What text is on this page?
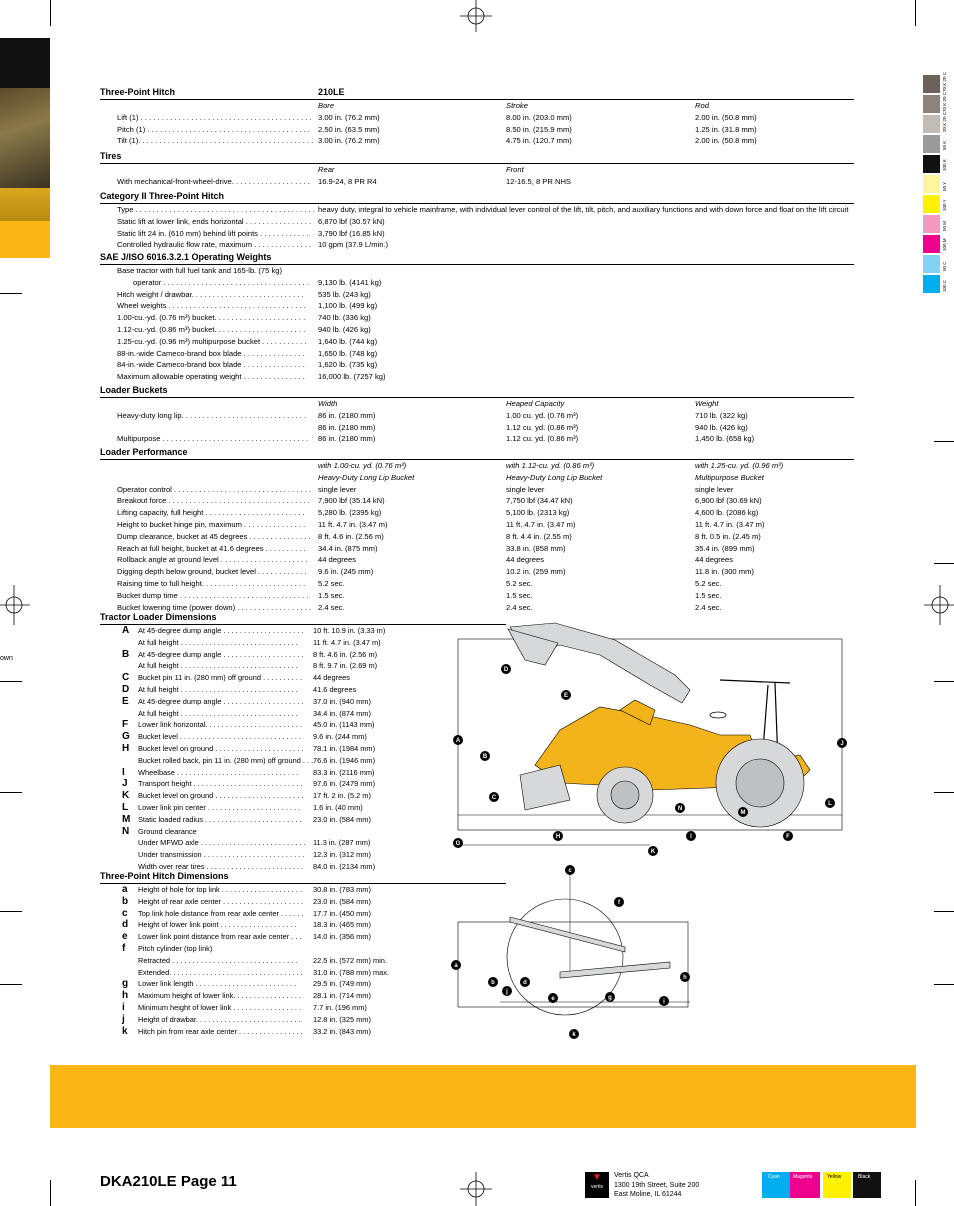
own
70 K 20 C
70 K 20 C
20 K 20 C
50 K
100 K
50 Y
100 Y
50 M
100 M
50 C
100 C
Three-Point Hitch	210LE
Bore	Stroke	Rod
Lift (1) . . . . . . . . . . . . . . . . . . . . . . . . . . . . . . . . . . . . . . . . . 3.00 in. (76.2 mm)	8.00 in. (203.0 mm)	2.00 in. (50.8 mm)
Pitch (1) . . . . . . . . . . . . . . . . . . . . . . . . . . . . . . . . . . . . . . . 2.50 in. (63.5 mm)	8.50 in. (215.9 mm)	1.25 in. (31.8 mm)
Tilt (1). . . . . . . . . . . . . . . . . . . . . . . . . . . . . . . . . . . . . . . . . . 3.00 in. (76.2 mm)	4.75 in. (120.7 mm)	2.00 in. (50.8 mm)
Tires
Rear	Front
With mechanical-front-wheel-drive. . . . . . . . . . . . . . . . . . . 16.9-24, 8 PR R4	12-16.5, 8 PR NHS
Category II Three-Point Hitch
Type . . . . . . . . . . . . . . . . . . . . . . . . . . . . . . . . . . . . . . . . . . . heavy duty, integral to vehicle mainframe, with individual lever control of the lift, tilt, pitch, and auxiliary functions and with down force and float on the lift circuit
Static lift at lower link, ends horizontal . . . . . . . . . . . . . . . . 6,870 lbf (30.57 kN)
Static lift 24 in. (610 mm) behind lift points . . . . . . . . . . . . 3,790 lbf (16.85 kN)
Controlled hydraulic flow rate, maximum . . . . . . . . . . . . . . 10 gpm (37.9 L/min.)
SAE J/ISO 6016.3.2.1 Operating Weights
Base tractor with full fuel tank and 165-lb. (75 kg)
operator . . . . . . . . . . . . . . . . . . . . . . . . . . . . . . . . . . . 9,130 lb. (4141 kg)
Hitch weight / drawbar. . . . . . . . . . . . . . . . . . . . . . . . . . . 535 lb. (243 kg)
Wheel weights . . . . . . . . . . . . . . . . . . . . . . . . . . . . . . . . . 1,100 lb. (499 kg)
1.00-cu.-yd. (0.76 m³) bucket. . . . . . . . . . . . . . . . . . . . . . 740 lb. (336 kg)
1.12-cu.-yd. (0.86 m³) bucket. . . . . . . . . . . . . . . . . . . . . . 940 lb. (426 kg)
1.25-cu.-yd. (0.96 m³) multipurpose bucket . . . . . . . . . . . 1,640 lb. (744 kg)
88-in.-wide Cameco-brand box blade . . . . . . . . . . . . . . . 1,650 lb. (748 kg)
84-in.-wide Cameco-brand box blade . . . . . . . . . . . . . . . 1,620 lb. (735 kg)
Maximum allowable operating weight . . . . . . . . . . . . . . . 16,000 lb. (7257 kg)
Loader Buckets
Width	Heaped Capacity	Weight
Heavy-duty long lip. . . . . . . . . . . . . . . . . . . . . . . . . . . . . . 86 in. (2180 mm)	1.00 cu. yd. (0.76 m³)	710 lb. (322 kg)
86 in. (2180 mm)	1.12 cu. yd. (0.86 m³)	940 lb. (426 kg)
Multipurpose . . . . . . . . . . . . . . . . . . . . . . . . . . . . . . . . . . . 86 in. (2180 mm)	1.12 cu. yd. (0.86 m³)	1,450 lb. (658 kg)
Loader Performance
with 1.00-cu. yd. (0.76 m³)	with 1.12-cu. yd. (0.86 m³)	with 1.25-cu. yd. (0.96 m³)
Heavy-Duty Long Lip Bucket	Heavy-Duty Long Lip Bucket	Multipurpose Bucket
Operator control . . . . . . . . . . . . . . . . . . . . . . . . . . . . . . . . . single lever	single lever	single lever
Breakout force . . . . . . . . . . . . . . . . . . . . . . . . . . . . . . . . . . 7,900 lbf (35.14 kN)	7,750 lbf (34.47 kN)	6,900 lbf (30.69 kN)
Lifting capacity, full height . . . . . . . . . . . . . . . . . . . . . . . . 5,280 lb. (2395 kg)	5,100 lb. (2313 kg)	4,600 lb. (2086 kg)
Height to bucket hinge pin, maximum . . . . . . . . . . . . . . . 11 ft. 4.7 in. (3.47 m)	11 ft. 4.7 in. (3.47 m)	11 ft. 4.7 in. (3.47 m)
Dump clearance, bucket at 45 degrees . . . . . . . . . . . . . . . 8 ft. 4.6 in. (2.56 m)	8 ft. 4.4 in. (2.55 m)	8 ft. 0.5 in. (2.45 m)
Reach at full height, bucket at 41.6 degrees . . . . . . . . . . 34.4 in. (875 mm)	33.8 in. (858 mm)	35.4 in. (899 mm)
Rollback angle at ground level . . . . . . . . . . . . . . . . . . . . . 44 degrees	44 degrees	44 degrees
Digging depth below ground, bucket level . . . . . . . . . . . . 9.6 in. (245 mm)	10.2 in. (259 mm)	11.8 in. (300 mm)
Raising time to full height. . . . . . . . . . . . . . . . . . . . . . . . . 5.2 sec.	5.2 sec.	5.2 sec.
Bucket dump time . . . . . . . . . . . . . . . . . . . . . . . . . . . . . . . 1.5 sec.	1.5 sec.	1.5 sec.
Bucket lowering time (power down) . . . . . . . . . . . . . . . . . . 2.4 sec.	2.4 sec.	2.4 sec.
Tractor Loader Dimensions
A At 45-degree dump angle . . . . . . . . . . . . . . . . . . . . 10 ft. 10.9 in. (3.33 m)
At full height . . . . . . . . . . . . . . . . . . . . . . . . . . . . . 11 ft. 4.7 in. (3.47 m)
B At 45-degree dump angle . . . . . . . . . . . . . . . . . . . . 8 ft. 4.6 in. (2.56 m)
At full height . . . . . . . . . . . . . . . . . . . . . . . . . . . . . 8 ft. 9.7 in. (2.69 m)
C Bucket pin 11 in. (280 mm) off ground . . . . . . . . . . 44 degrees
D At full height . . . . . . . . . . . . . . . . . . . . . . . . . . . . . 41.6 degrees
E At 45-degree dump angle . . . . . . . . . . . . . . . . . . . . 37.0 in. (940 mm)
At full height . . . . . . . . . . . . . . . . . . . . . . . . . . . . . 34.4 in. (874 mm)
F Lower link horizontal. . . . . . . . . . . . . . . . . . . . . . . . 45.0 in. (1143 mm)
G Bucket level . . . . . . . . . . . . . . . . . . . . . . . . . . . . . . 9.6 in. (244 mm)
H Bucket level on ground . . . . . . . . . . . . . . . . . . . . . . 78.1 in. (1984 mm)
Bucket rolled back, pin 11 in. (280 mm) off ground . . . 76.6 in. (1946 mm)
I Wheelbase . . . . . . . . . . . . . . . . . . . . . . . . . . . . . . 83.3 in. (2116 mm)
J Transport height . . . . . . . . . . . . . . . . . . . . . . . . . . . 97.6 in. (2479 mm)
K Bucket level on ground . . . . . . . . . . . . . . . . . . . . . . 17 ft. 2 in. (5.2 m)
L Lower link pin center . . . . . . . . . . . . . . . . . . . . . . . 1.6 in. (40 mm)
M Static loaded radius . . . . . . . . . . . . . . . . . . . . . . . . 23.0 in. (584 mm)
N Ground clearance
Under MFWD axle . . . . . . . . . . . . . . . . . . . . . . . . . . 11.3 in. (287 mm)
Under transmission . . . . . . . . . . . . . . . . . . . . . . . . . 12.3 in. (312 mm)
Width over rear tires . . . . . . . . . . . . . . . . . . . . . . . . 84.0 in. (2134 mm)
Three-Point Hitch Dimensions
a Height of hole for top link . . . . . . . . . . . . . . . . . . . . 30.8 in. (783 mm)
b Height of rear axle center . . . . . . . . . . . . . . . . . . . . 23.0 in. (584 mm)
c Top link hole distance from rear axle center . . . . . . 17.7 in. (450 mm)
d Height of lower link point . . . . . . . . . . . . . . . . . . . 18.3 in. (465 mm)
e Lower link point distance from rear axle center . . . 14.0 in. (356 mm)
f Pitch cylinder (top link)
Retracted . . . . . . . . . . . . . . . . . . . . . . . . . . . . . . . 22.5 in. (572 mm) min.
Extended. . . . . . . . . . . . . . . . . . . . . . . . . . . . . . . . . 31.0 in. (788 mm) max.
g Lower link length . . . . . . . . . . . . . . . . . . . . . . . . . 29.5 in. (749 mm)
h Maximum height of lower link. . . . . . . . . . . . . . . . . 28.1 in. (714 mm)
i Minimum height of lower link . . . . . . . . . . . . . . . . . 7.7 in. (196 mm)
j Height of drawbar. . . . . . . . . . . . . . . . . . . . . . . . . . 12.8 in. (325 mm)
k Hitch pin from rear axle center . . . . . . . . . . . . . . . . 33.2 in. (843 mm)
A
B
C
D
E
F
G
H	I
J
K
L
M
N
a
b
c
d
e
f
g
h
i
j
k
DKA210LE Page 11	▼
vertis
Vertis QCA
1300 19th Street, Suite 200
East Moline, IL 61244
Cyan	Magenta	Yellow	Black
